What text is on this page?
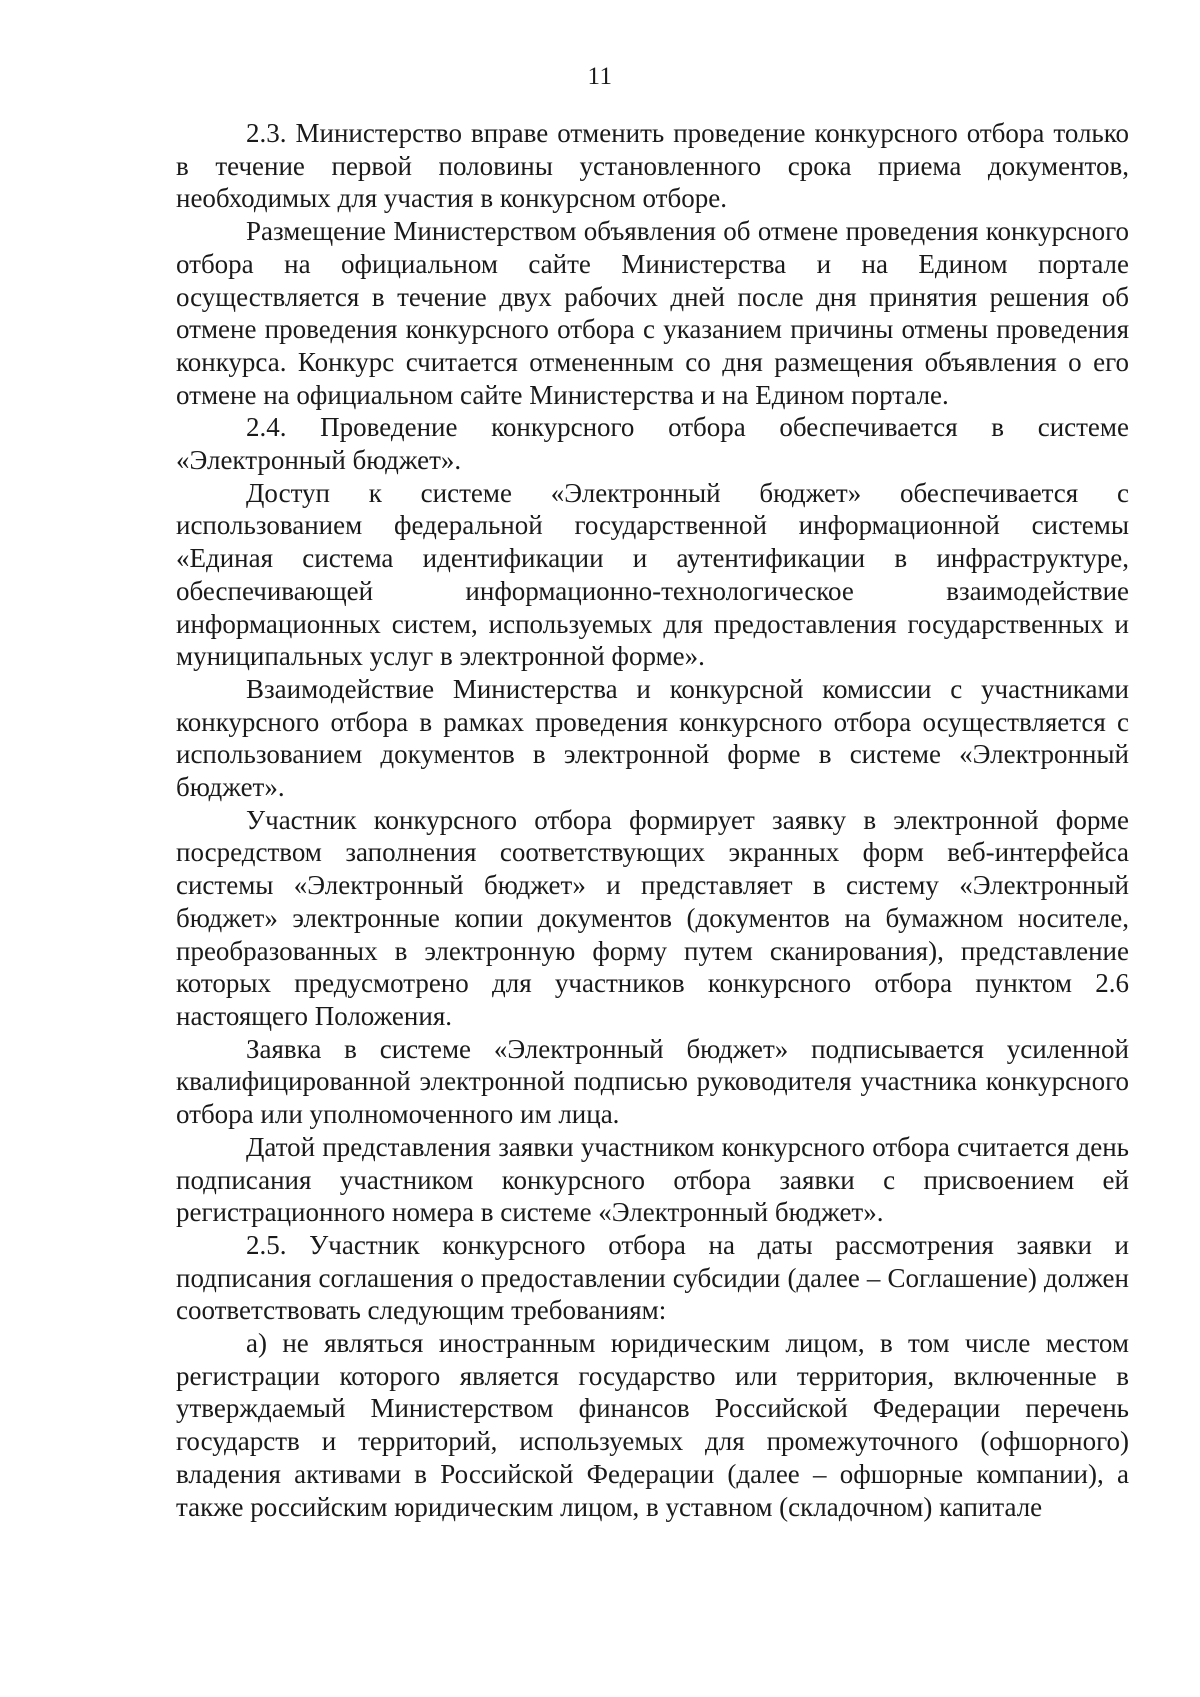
11

2.3. Министерство вправе отменить проведение конкурсного отбора только в течение первой половины установленного срока приема документов, необходимых для участия в конкурсном отборе.

Размещение Министерством объявления об отмене проведения конкурсного отбора на официальном сайте Министерства и на Едином портале осуществляется в течение двух рабочих дней после дня принятия решения об отмене проведения конкурсного отбора с указанием причины отмены проведения конкурса. Конкурс считается отмененным со дня размещения объявления о его отмене на официальном сайте Министерства и на Едином портале.

2.4. Проведение конкурсного отбора обеспечивается в системе «Электронный бюджет».

Доступ к системе «Электронный бюджет» обеспечивается с использованием федеральной государственной информационной системы «Единая система идентификации и аутентификации в инфраструктуре, обеспечивающей информационно-технологическое взаимодействие информационных систем, используемых для предоставления государственных и муниципальных услуг в электронной форме».

Взаимодействие Министерства и конкурсной комиссии с участниками конкурсного отбора в рамках проведения конкурсного отбора осуществляется с использованием документов в электронной форме в системе «Электронный бюджет».

Участник конкурсного отбора формирует заявку в электронной форме посредством заполнения соответствующих экранных форм веб-интерфейса системы «Электронный бюджет» и представляет в систему «Электронный бюджет» электронные копии документов (документов на бумажном носителе, преобразованных в электронную форму путем сканирования), представление которых предусмотрено для участников конкурсного отбора пунктом 2.6 настоящего Положения.

Заявка в системе «Электронный бюджет» подписывается усиленной квалифицированной электронной подписью руководителя участника конкурсного отбора или уполномоченного им лица.

Датой представления заявки участником конкурсного отбора считается день подписания участником конкурсного отбора заявки с присвоением ей регистрационного номера в системе «Электронный бюджет».

2.5. Участник конкурсного отбора на даты рассмотрения заявки и подписания соглашения о предоставлении субсидии (далее – Соглашение) должен соответствовать следующим требованиям:

а) не являться иностранным юридическим лицом, в том числе местом регистрации которого является государство или территория, включенные в утверждаемый Министерством финансов Российской Федерации перечень государств и территорий, используемых для промежуточного (офшорного) владения активами в Российской Федерации (далее – офшорные компании), а также российским юридическим лицом, в уставном (складочном) капитале
